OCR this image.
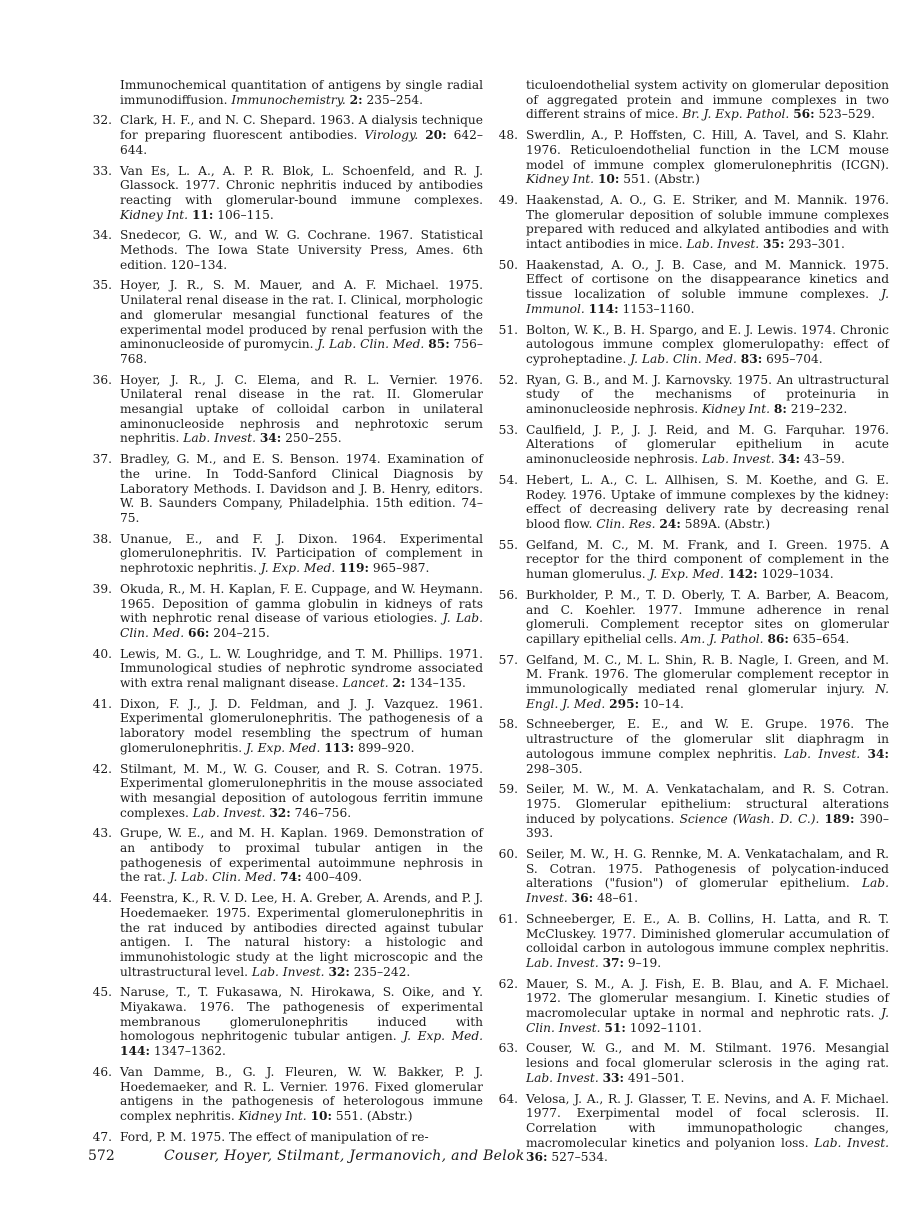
Immunochemical quantitation of antigens by single radial immunodiffusion. Immunochemistry. 2: 235–254.
32. Clark, H. F., and N. C. Shepard. 1963. A dialysis technique for preparing fluorescent antibodies. Virology. 20: 642–644.
33. Van Es, L. A., A. P. R. Blok, L. Schoenfeld, and R. J. Glassock. 1977. Chronic nephritis induced by antibodies reacting with glomerular-bound immune complexes. Kidney Int. 11: 106–115.
34. Snedecor, G. W., and W. G. Cochrane. 1967. Statistical Methods. The Iowa State University Press, Ames. 6th edition. 120–134.
35. Hoyer, J. R., S. M. Mauer, and A. F. Michael. 1975. Unilateral renal disease in the rat. I. Clinical, morphologic and glomerular mesangial functional features of the experimental model produced by renal perfusion with the aminonucleoside of puromycin. J. Lab. Clin. Med. 85: 756–768.
36. Hoyer, J. R., J. C. Elema, and R. L. Vernier. 1976. Unilateral renal disease in the rat. II. Glomerular mesangial uptake of colloidal carbon in unilateral aminonucleoside nephrosis and nephrotoxic serum nephritis. Lab. Invest. 34: 250–255.
37. Bradley, G. M., and E. S. Benson. 1974. Examination of the urine. In Todd-Sanford Clinical Diagnosis by Laboratory Methods. I. Davidson and J. B. Henry, editors. W. B. Saunders Company, Philadelphia. 15th edition. 74–75.
38. Unanue, E., and F. J. Dixon. 1964. Experimental glomerulonephritis. IV. Participation of complement in nephrotoxic nephritis. J. Exp. Med. 119: 965–987.
39. Okuda, R., M. H. Kaplan, F. E. Cuppage, and W. Heymann. 1965. Deposition of gamma globulin in kidneys of rats with nephrotic renal disease of various etiologies. J. Lab. Clin. Med. 66: 204–215.
40. Lewis, M. G., L. W. Loughridge, and T. M. Phillips. 1971. Immunological studies of nephrotic syndrome associated with extra renal malignant disease. Lancet. 2: 134–135.
41. Dixon, F. J., J. D. Feldman, and J. J. Vazquez. 1961. Experimental glomerulonephritis. The pathogenesis of a laboratory model resembling the spectrum of human glomerulonephritis. J. Exp. Med. 113: 899–920.
42. Stilmant, M. M., W. G. Couser, and R. S. Cotran. 1975. Experimental glomerulonephritis in the mouse associated with mesangial deposition of autologous ferritin immune complexes. Lab. Invest. 32: 746–756.
43. Grupe, W. E., and M. H. Kaplan. 1969. Demonstration of an antibody to proximal tubular antigen in the pathogenesis of experimental autoimmune nephrosis in the rat. J. Lab. Clin. Med. 74: 400–409.
44. Feenstra, K., R. V. D. Lee, H. A. Greber, A. Arends, and P. J. Hoedemaeker. 1975. Experimental glomerulonephritis in the rat induced by antibodies directed against tubular antigen. I. The natural history: a histologic and immunohistologic study at the light microscopic and the ultrastructural level. Lab. Invest. 32: 235–242.
45. Naruse, T., T. Fukasawa, N. Hirokawa, S. Oike, and Y. Miyakawa. 1976. The pathogenesis of experimental membranous glomerulonephritis induced with homologous nephritogenic tubular antigen. J. Exp. Med. 144: 1347–1362.
46. Van Damme, B., G. J. Fleuren, W. W. Bakker, P. J. Hoedemaeker, and R. L. Vernier. 1976. Fixed glomerular antigens in the pathogenesis of heterologous immune complex nephritis. Kidney Int. 10: 551. (Abstr.)
47. Ford, P. M. 1975. The effect of manipulation of re-
ticuloendothelial system activity on glomerular deposition of aggregated protein and immune complexes in two different strains of mice. Br. J. Exp. Pathol. 56: 523–529.
48. Swerdlin, A., P. Hoffsten, C. Hill, A. Tavel, and S. Klahr. 1976. Reticuloendothelial function in the LCM mouse model of immune complex glomerulonephritis (ICGN). Kidney Int. 10: 551. (Abstr.)
49. Haakenstad, A. O., G. E. Striker, and M. Mannik. 1976. The glomerular deposition of soluble immune complexes prepared with reduced and alkylated antibodies and with intact antibodies in mice. Lab. Invest. 35: 293–301.
50. Haakenstad, A. O., J. B. Case, and M. Mannick. 1975. Effect of cortisone on the disappearance kinetics and tissue localization of soluble immune complexes. J. Immunol. 114: 1153–1160.
51. Bolton, W. K., B. H. Spargo, and E. J. Lewis. 1974. Chronic autologous immune complex glomerulopathy: effect of cyproheptadine. J. Lab. Clin. Med. 83: 695–704.
52. Ryan, G. B., and M. J. Karnovsky. 1975. An ultrastructural study of the mechanisms of proteinuria in aminonucleoside nephrosis. Kidney Int. 8: 219–232.
53. Caulfield, J. P., J. J. Reid, and M. G. Farquhar. 1976. Alterations of glomerular epithelium in acute aminonucleoside nephrosis. Lab. Invest. 34: 43–59.
54. Hebert, L. A., C. L. Allhisen, S. M. Koethe, and G. E. Rodey. 1976. Uptake of immune complexes by the kidney: effect of decreasing delivery rate by decreasing renal blood flow. Clin. Res. 24: 589A. (Abstr.)
55. Gelfand, M. C., M. M. Frank, and I. Green. 1975. A receptor for the third component of complement in the human glomerulus. J. Exp. Med. 142: 1029–1034.
56. Burkholder, P. M., T. D. Oberly, T. A. Barber, A. Beacom, and C. Koehler. 1977. Immune adherence in renal glomeruli. Complement receptor sites on glomerular capillary epithelial cells. Am. J. Pathol. 86: 635–654.
57. Gelfand, M. C., M. L. Shin, R. B. Nagle, I. Green, and M. M. Frank. 1976. The glomerular complement receptor in immunologically mediated renal glomerular injury. N. Engl. J. Med. 295: 10–14.
58. Schneeberger, E. E., and W. E. Grupe. 1976. The ultrastructure of the glomerular slit diaphragm in autologous immune complex nephritis. Lab. Invest. 34: 298–305.
59. Seiler, M. W., M. A. Venkatachalam, and R. S. Cotran. 1975. Glomerular epithelium: structural alterations induced by polycations. Science (Wash. D. C.). 189: 390–393.
60. Seiler, M. W., H. G. Rennke, M. A. Venkatachalam, and R. S. Cotran. 1975. Pathogenesis of polycation-induced alterations ("fusion") of glomerular epithelium. Lab. Invest. 36: 48–61.
61. Schneeberger, E. E., A. B. Collins, H. Latta, and R. T. McCluskey. 1977. Diminished glomerular accumulation of colloidal carbon in autologous immune complex nephritis. Lab. Invest. 37: 9–19.
62. Mauer, S. M., A. J. Fish, E. B. Blau, and A. F. Michael. 1972. The glomerular mesangium. I. Kinetic studies of macromolecular uptake in normal and nephrotic rats. J. Clin. Invest. 51: 1092–1101.
63. Couser, W. G., and M. M. Stilmant. 1976. Mesangial lesions and focal glomerular sclerosis in the aging rat. Lab. Invest. 33: 491–501.
64. Velosa, J. A., R. J. Glasser, T. E. Nevins, and A. F. Michael. 1977. Exerpimental model of focal sclerosis. II. Correlation with immunopathologic changes, macromolecular kinetics and polyanion loss. Lab. Invest. 36: 527–534.
572	Couser, Hoyer, Stilmant, Jermanovich, and Belok
